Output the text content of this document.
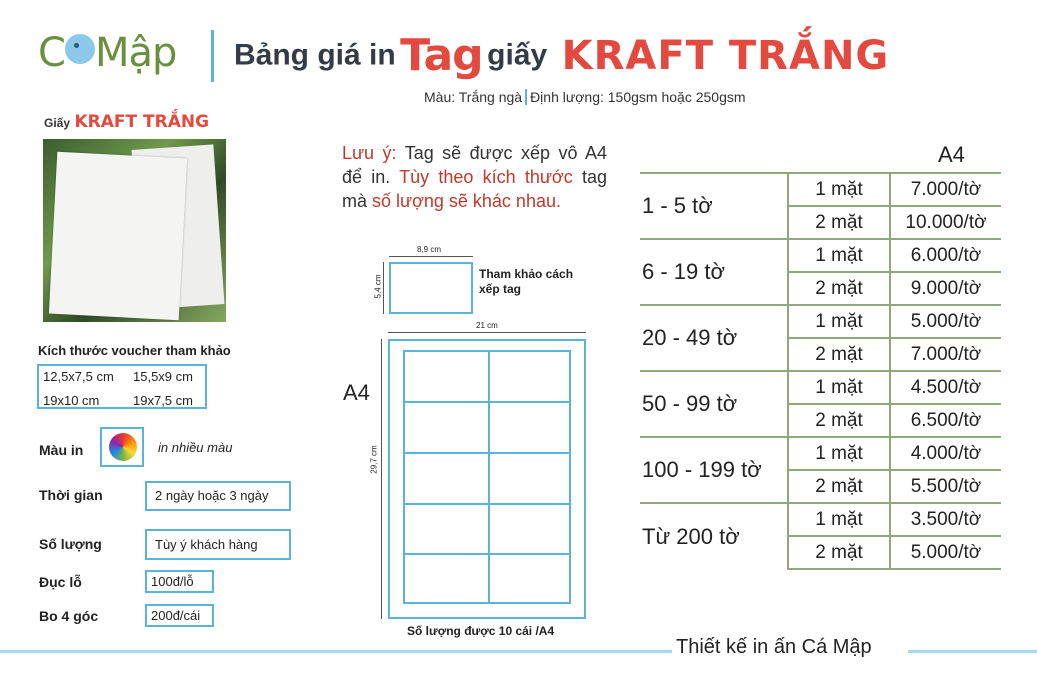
C Mập Bảng giá in Tag giấy KRAFT TRẮNG
Màu: Trắng ngà Định lượng: 150gsm hoặc 250gsm
Giấy KRAFT TRẮNG
Kích thước voucher tham khảo
12,5x7,5 cm 15,5x9 cm
19x10 cm	19x7,5 cm
Màu in	in nhiều màu
Thời gian	2 ngày hoặc 3 ngày
Số lượng	Tùy ý khách hàng
Đục lỗ	100đ/lỗ
Bo 4 góc	200đ/cái
Lưu ý: Tag sẽ được xếp vô A4 để in. Tùy theo kích thước tag mà số lượng sẽ khác nhau.
8,9 cm
5,4 cm
Tham khảo cách xếp tag
21 cm
29,7 cm
A4
Số lượng được 10 cái /A4
A4
1 - 5 tờ	1 mặt	7.000/tờ
	2 mặt	10.000/tờ
6 - 19 tờ	1 mặt	6.000/tờ
	2 mặt	9.000/tờ
20 - 49 tờ	1 mặt	5.000/tờ
	2 mặt	7.000/tờ
50 - 99 tờ	1 mặt	4.500/tờ
	2 mặt	6.500/tờ
100 - 199 tờ	1 mặt	4.000/tờ
	2 mặt	5.500/tờ
Từ 200 tờ	1 mặt	3.500/tờ
	2 mặt	5.000/tờ
Thiết kế in ấn Cá Mập
